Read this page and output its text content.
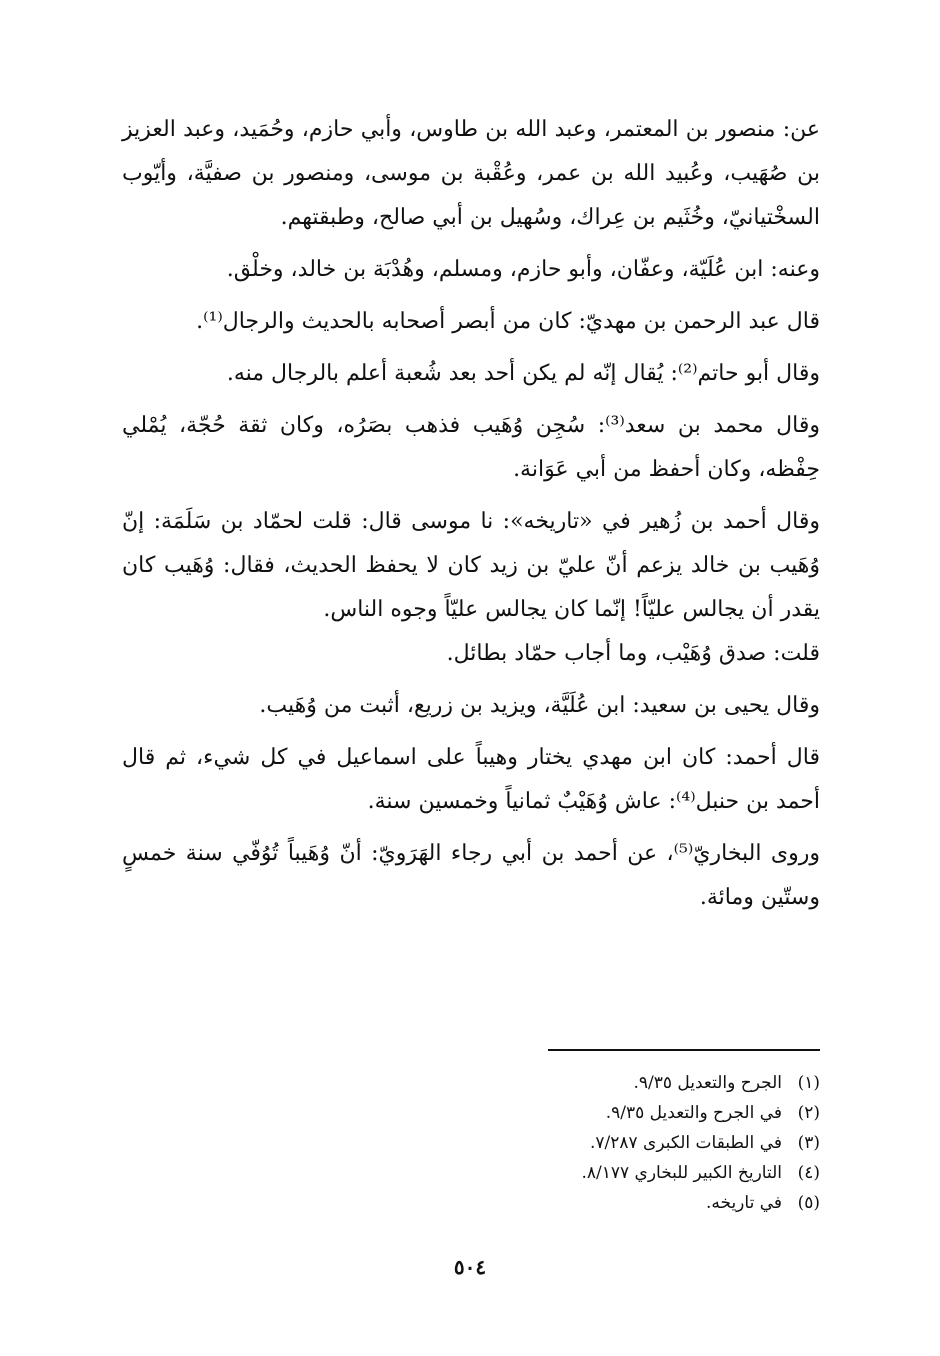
عن: منصور بن المعتمر، وعبد الله بن طاوس، وأبي حازم، وحُمَيد، وعبد العزيز بن صُهَيب، وعُبيد الله بن عمر، وعُقْبة بن موسى، ومنصور بن صفيَّة، وأيّوب السخْتيانيّ، وخُثَيم بن عِراك، وسُهيل بن أبي صالح، وطبقتهم.

وعنه: ابن عُلَيّة، وعفّان، وأبو حازم، ومسلم، وهُدْبَة بن خالد، وخلْق.

قال عبد الرحمن بن مهديّ: كان من أبصر أصحابه بالحديث والرجال⁽¹⁾.

وقال أبو حاتم⁽²⁾: يُقال إنّه لم يكن أحد بعد شُعبة أعلم بالرجال منه.

وقال محمد بن سعد⁽³⁾: سُجِن وُهَيب فذهب بصَرُه، وكان ثقة حُجّة، يُمْلي حِفْظه، وكان أحفظ من أبي عَوَانة.

وقال أحمد بن زُهير في «تاريخه»: نا موسى قال: قلت لحمّاد بن سَلَمَة: إنّ وُهَيب بن خالد يزعم أنّ عليّ بن زيد كان لا يحفظ الحديث، فقال: وُهَيب كان يقدر أن يجالس عليّاً! إنّما كان يجالس عليّاً وجوه الناس.

قلت: صدق وُهَيْب، وما أجاب حمّاد بطائل.

وقال يحيى بن سعيد: ابن عُلَيَّة، ويزيد بن زريع، أثبت من وُهَيب.

قال أحمد: كان ابن مهدي يختار وهيباً على اسماعيل في كل شيء، ثم قال أحمد بن حنبل⁽⁴⁾: عاش وُهَيْبٌ ثمانياً وخمسين سنة.

وروى البخاريّ⁽⁵⁾، عن أحمد بن أبي رجاء الهَرَويّ: أنّ وُهَيباً تُوُفّي سنة خمسٍ وستّين ومائة.

(١)الجرح والتعديل ٩/٣٥.

(٢)في الجرح والتعديل ٩/٣٥.

(٣)في الطبقات الكبرى ٧/٢٨٧.

(٤)التاريخ الكبير للبخاري ٨/١٧٧.

(٥)في تاريخه.

٥٠٤
